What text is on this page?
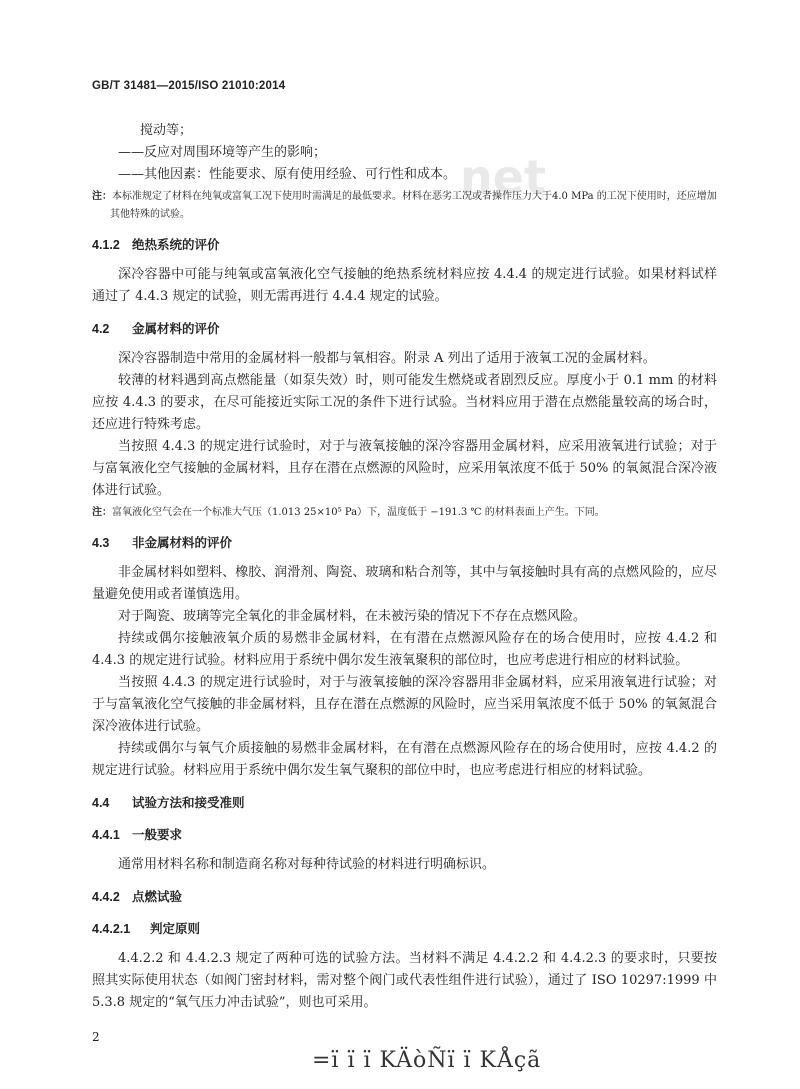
net
GB/T 31481—2015/ISO 21010:2014

搅动等；

——反应对周围环境等产生的影响；

——其他因素：性能要求、原有使用经验、可行性和成本。

注：本标准规定了材料在纯氧或富氧工况下使用时需满足的最低要求。材料在恶劣工况或者操作压力大于4.0 MPa 的工况下使用时，还应增加其他特殊的试验。

4.1.2 绝热系统的评价

深冷容器中可能与纯氧或富氧液化空气接触的绝热系统材料应按 4.4.4 的规定进行试验。如果材料试样通过了 4.4.3 规定的试验，则无需再进行 4.4.4 规定的试验。

4.2 金属材料的评价

深冷容器制造中常用的金属材料一般都与氧相容。附录 A 列出了适用于液氧工况的金属材料。

较薄的材料遇到高点燃能量（如泵失效）时，则可能发生燃烧或者剧烈反应。厚度小于 0.1 mm 的材料应按 4.4.3 的要求，在尽可能接近实际工况的条件下进行试验。当材料应用于潜在点燃能量较高的场合时，还应进行特殊考虑。

当按照 4.4.3 的规定进行试验时，对于与液氧接触的深冷容器用金属材料，应采用液氧进行试验；对于与富氧液化空气接触的金属材料，且存在潜在点燃源的风险时，应采用氧浓度不低于 50% 的氧氮混合深冷液体进行试验。

注：富氧液化空气会在一个标准大气压（1.013 25×10⁵ Pa）下，温度低于 −191.3 ℃ 的材料表面上产生。下同。

4.3 非金属材料的评价

非金属材料如塑料、橡胶、润滑剂、陶瓷、玻璃和粘合剂等，其中与氧接触时具有高的点燃风险的，应尽量避免使用或者谨慎选用。

对于陶瓷、玻璃等完全氧化的非金属材料，在未被污染的情况下不存在点燃风险。

持续或偶尔接触液氧介质的易燃非金属材料，在有潜在点燃源风险存在的场合使用时，应按 4.4.2 和 4.4.3 的规定进行试验。材料应用于系统中偶尔发生液氧聚积的部位时，也应考虑进行相应的材料试验。

当按照 4.4.3 的规定进行试验时，对于与液氧接触的深冷容器用非金属材料，应采用液氧进行试验；对于与富氧液化空气接触的非金属材料，且存在潜在点燃源的风险时，应当采用氧浓度不低于 50% 的氧氮混合深冷液体进行试验。

持续或偶尔与氧气介质接触的易燃非金属材料，在有潜在点燃源风险存在的场合使用时，应按 4.4.2 的规定进行试验。材料应用于系统中偶尔发生氧气聚积的部位中时，也应考虑进行相应的材料试验。

4.4 试验方法和接受准则
4.4.1 一般要求

通常用材料名称和制造商名称对每种待试验的材料进行明确标识。

4.4.2 点燃试验
4.4.2.1 判定原则

4.4.2.2 和 4.4.2.3 规定了两种可选的试验方法。当材料不满足 4.4.2.2 和 4.4.2.3 的要求时，只要按照其实际使用状态（如阀门密封材料，需对整个阀门或代表性组件进行试验），通过了 ISO 10297:1999 中 5.3.8 规定的“氧气压力冲击试验”，则也可采用。

2
=ï ï ï KÄòÑï ï KÅçã
